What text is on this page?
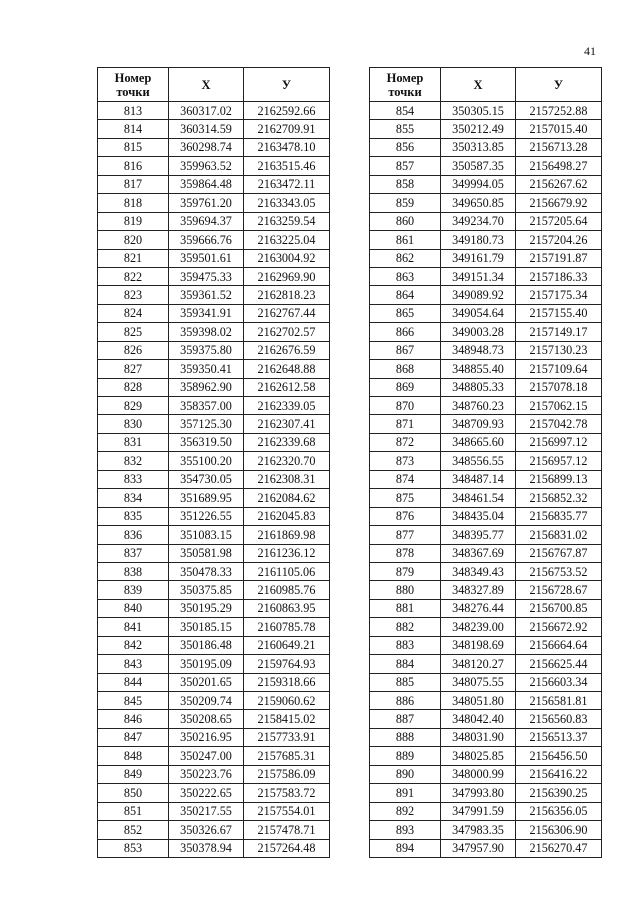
41
Номер
точки	Х	У
813	360317.02	2162592.66
814	360314.59	2162709.91
815	360298.74	2163478.10
816	359963.52	2163515.46
817	359864.48	2163472.11
818	359761.20	2163343.05
819	359694.37	2163259.54
820	359666.76	2163225.04
821	359501.61	2163004.92
822	359475.33	2162969.90
823	359361.52	2162818.23
824	359341.91	2162767.44
825	359398.02	2162702.57
826	359375.80	2162676.59
827	359350.41	2162648.88
828	358962.90	2162612.58
829	358357.00	2162339.05
830	357125.30	2162307.41
831	356319.50	2162339.68
832	355100.20	2162320.70
833	354730.05	2162308.31
834	351689.95	2162084.62
835	351226.55	2162045.83
836	351083.15	2161869.98
837	350581.98	2161236.12
838	350478.33	2161105.06
839	350375.85	2160985.76
840	350195.29	2160863.95
841	350185.15	2160785.78
842	350186.48	2160649.21
843	350195.09	2159764.93
844	350201.65	2159318.66
845	350209.74	2159060.62
846	350208.65	2158415.02
847	350216.95	2157733.91
848	350247.00	2157685.31
849	350223.76	2157586.09
850	350222.65	2157583.72
851	350217.55	2157554.01
852	350326.67	2157478.71
853	350378.94	2157264.48
Номер
точки	Х	У
854	350305.15	2157252.88
855	350212.49	2157015.40
856	350313.85	2156713.28
857	350587.35	2156498.27
858	349994.05	2156267.62
859	349650.85	2156679.92
860	349234.70	2157205.64
861	349180.73	2157204.26
862	349161.79	2157191.87
863	349151.34	2157186.33
864	349089.92	2157175.34
865	349054.64	2157155.40
866	349003.28	2157149.17
867	348948.73	2157130.23
868	348855.40	2157109.64
869	348805.33	2157078.18
870	348760.23	2157062.15
871	348709.93	2157042.78
872	348665.60	2156997.12
873	348556.55	2156957.12
874	348487.14	2156899.13
875	348461.54	2156852.32
876	348435.04	2156835.77
877	348395.77	2156831.02
878	348367.69	2156767.87
879	348349.43	2156753.52
880	348327.89	2156728.67
881	348276.44	2156700.85
882	348239.00	2156672.92
883	348198.69	2156664.64
884	348120.27	2156625.44
885	348075.55	2156603.34
886	348051.80	2156581.81
887	348042.40	2156560.83
888	348031.90	2156513.37
889	348025.85	2156456.50
890	348000.99	2156416.22
891	347993.80	2156390.25
892	347991.59	2156356.05
893	347983.35	2156306.90
894	347957.90	2156270.47
